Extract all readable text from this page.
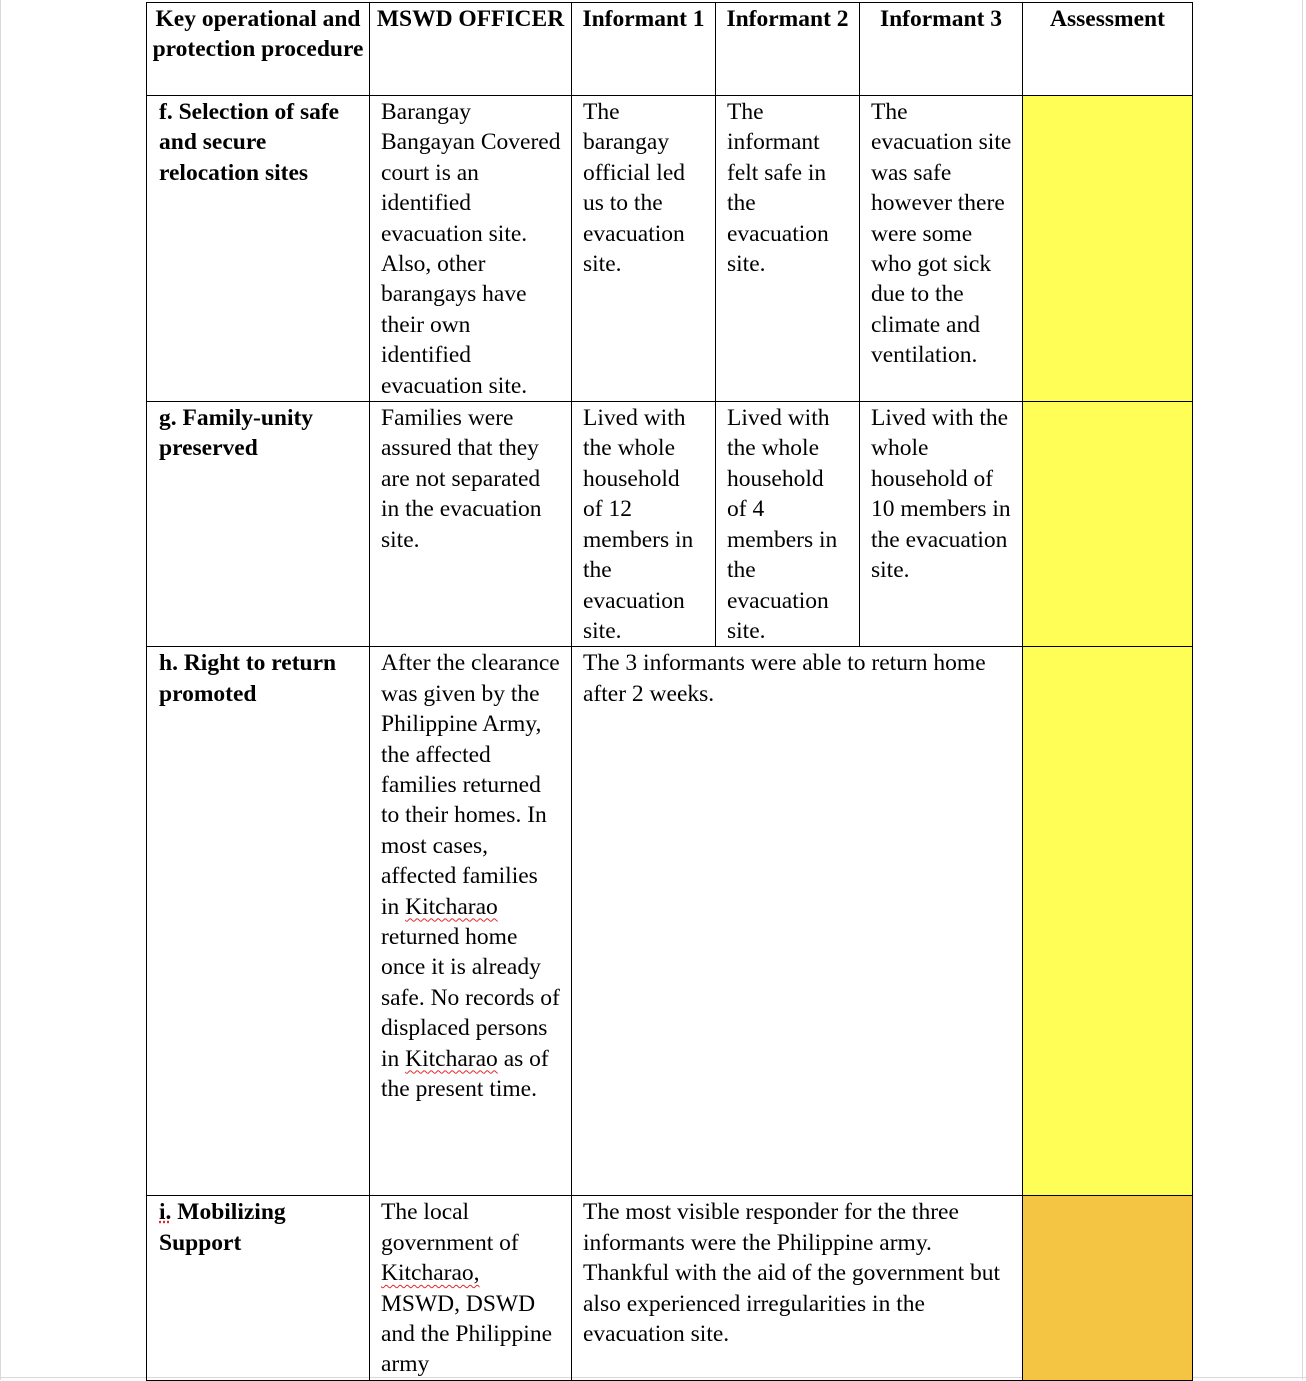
Key operational and protection procedure	MSWD OFFICER	Informant 1	Informant 2	Informant 3	Assessment
f. Selection of safe and secure relocation sites	Barangay Bangayan Covered court is an identified evacuation site. Also, other barangays have their own identified evacuation site.	The barangay official led us to the evacuation site.	The informant felt safe in the evacuation site.	The evacuation site was safe however there were some who got sick due to the climate and ventilation.	
g. Family-unity preserved	Families were assured that they are not separated in the evacuation site.	Lived with the whole household of 12 members in the evacuation site.	Lived with the whole household of 4 members in the evacuation site.	Lived with the whole household of 10 members in the evacuation site.	
h. Right to return promoted	After the clearance was given by the Philippine Army, the affected families returned to their homes. In most cases, affected families in Kitcharao returned home once it is already safe. No records of displaced persons in Kitcharao as of the present time.	The 3 informants were able to return home after 2 weeks.			
i. Mobilizing Support	The local government of Kitcharao, MSWD, DSWD and the Philippine army	The most visible responder for the three informants were the Philippine army. Thankful with the aid of the government but also experienced irregularities in the evacuation site.			
